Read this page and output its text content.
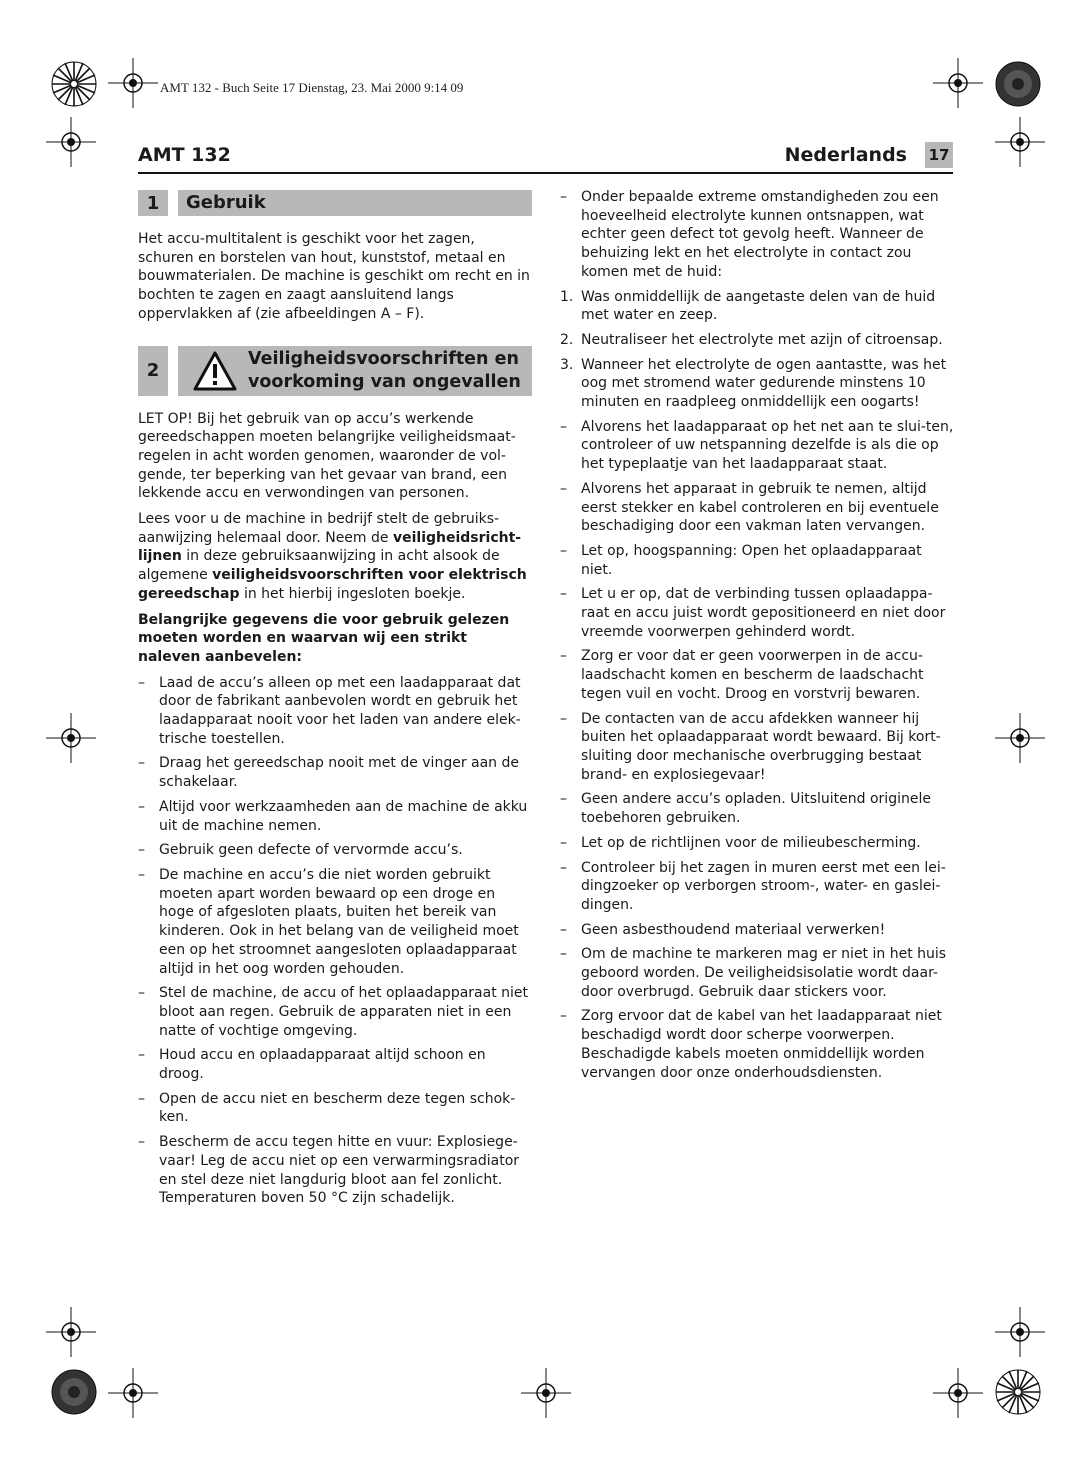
AMT 132 - Buch Seite 17 Dienstag, 23. Mai 2000 9:14 09
AMT 132	Nederlands 17
1	Gebruik

Het accu-multitalent is geschikt voor het zagen, schuren en borstelen van hout, kunststof, metaal en bouwmaterialen. De machine is geschikt om recht en in bochten te zagen en zaagt aansluitend langs oppervlakken af (zie afbeeldingen A – F).

2
Veiligheidsvoorschriften en
voorkoming van ongevallen

LET OP! Bij het gebruik van op accu’s werkende gereedschappen moeten belangrijke veiligheidsmaat-regelen in acht worden genomen, waaronder de vol-gende, ter beperking van het gevaar van brand, een lekkende accu en verwondingen van personen.

Lees voor u de machine in bedrijf stelt de gebruiks-aanwijzing helemaal door. Neem de veiligheidsricht-lijnen in deze gebruiksaanwijzing in acht alsook de algemene veiligheidsvoorschriften voor elektrisch gereedschap in het hierbij ingesloten boekje.

Belangrijke gegevens die voor gebruik gelezen moeten worden en waarvan wij een strikt naleven aanbevelen:

–	Laad de accu’s alleen op met een laadapparaat dat door de fabrikant aanbevolen wordt en gebruik het laadapparaat nooit voor het laden van andere elek-trische toestellen.
–	Draag het gereedschap nooit met de vinger aan de schakelaar.
–	Altijd voor werkzaamheden aan de machine de akku uit de machine nemen.
–	Gebruik geen defecte of vervormde accu’s.
–	De machine en accu’s die niet worden gebruikt moeten apart worden bewaard op een droge en hoge of afgesloten plaats, buiten het bereik van kinderen. Ook in het belang van de veiligheid moet een op het stroomnet aangesloten oplaadapparaat altijd in het oog worden gehouden.
–	Stel de machine, de accu of het oplaadapparaat niet bloot aan regen. Gebruik de apparaten niet in een natte of vochtige omgeving.
–	Houd accu en oplaadapparaat altijd schoon en droog.
–	Open de accu niet en bescherm deze tegen schok-ken.
–	Bescherm de accu tegen hitte en vuur: Explosiege-vaar! Leg de accu niet op een verwarmingsradiator en stel deze niet langdurig bloot aan fel zonlicht. Temperaturen boven 50 °C zijn schadelijk.
–	Onder bepaalde extreme omstandigheden zou een hoeveelheid electrolyte kunnen ontsnappen, wat echter geen defect tot gevolg heeft. Wanneer de behuizing lekt en het electrolyte in contact zou komen met de huid:
1. Was onmiddellijk de aangetaste delen van de huid met water en zeep.
2. Neutraliseer het electrolyte met azijn of citroensap.
3. Wanneer het electrolyte de ogen aantastte, was het oog met stromend water gedurende minstens 10 minuten en raadpleeg onmiddellijk een oogarts!
–	Alvorens het laadapparaat op het net aan te slui-ten, controleer of uw netspanning dezelfde is als die op het typeplaatje van het laadapparaat staat.
–	Alvorens het apparaat in gebruik te nemen, altijd eerst stekker en kabel controleren en bij eventuele beschadiging door een vakman laten vervangen.
–	Let op, hoogspanning: Open het oplaadapparaat niet.
–	Let u er op, dat de verbinding tussen oplaadappa-raat en accu juist wordt gepositioneerd en niet door vreemde voorwerpen gehinderd wordt.
–	Zorg er voor dat er geen voorwerpen in de accu-laadschacht komen en bescherm de laadschacht tegen vuil en vocht. Droog en vorstvrij bewaren.
–	De contacten van de accu afdekken wanneer hij buiten het oplaadapparaat wordt bewaard. Bij kort-sluiting door mechanische overbrugging bestaat brand- en explosiegevaar!
–	Geen andere accu’s opladen. Uitsluitend originele toebehoren gebruiken.
–	Let op de richtlijnen voor de milieubescherming.
–	Controleer bij het zagen in muren eerst met een lei-dingzoeker op verborgen stroom-, water- en gaslei-dingen.
–	Geen asbesthoudend materiaal verwerken!
–	Om de machine te markeren mag er niet in het huis geboord worden. De veiligheidsisolatie wordt daar-door overbrugd. Gebruik daar stickers voor.
–	Zorg ervoor dat de kabel van het laadapparaat niet beschadigd wordt door scherpe voorwerpen. Beschadigde kabels moeten onmiddellijk worden vervangen door onze onderhoudsdiensten.
